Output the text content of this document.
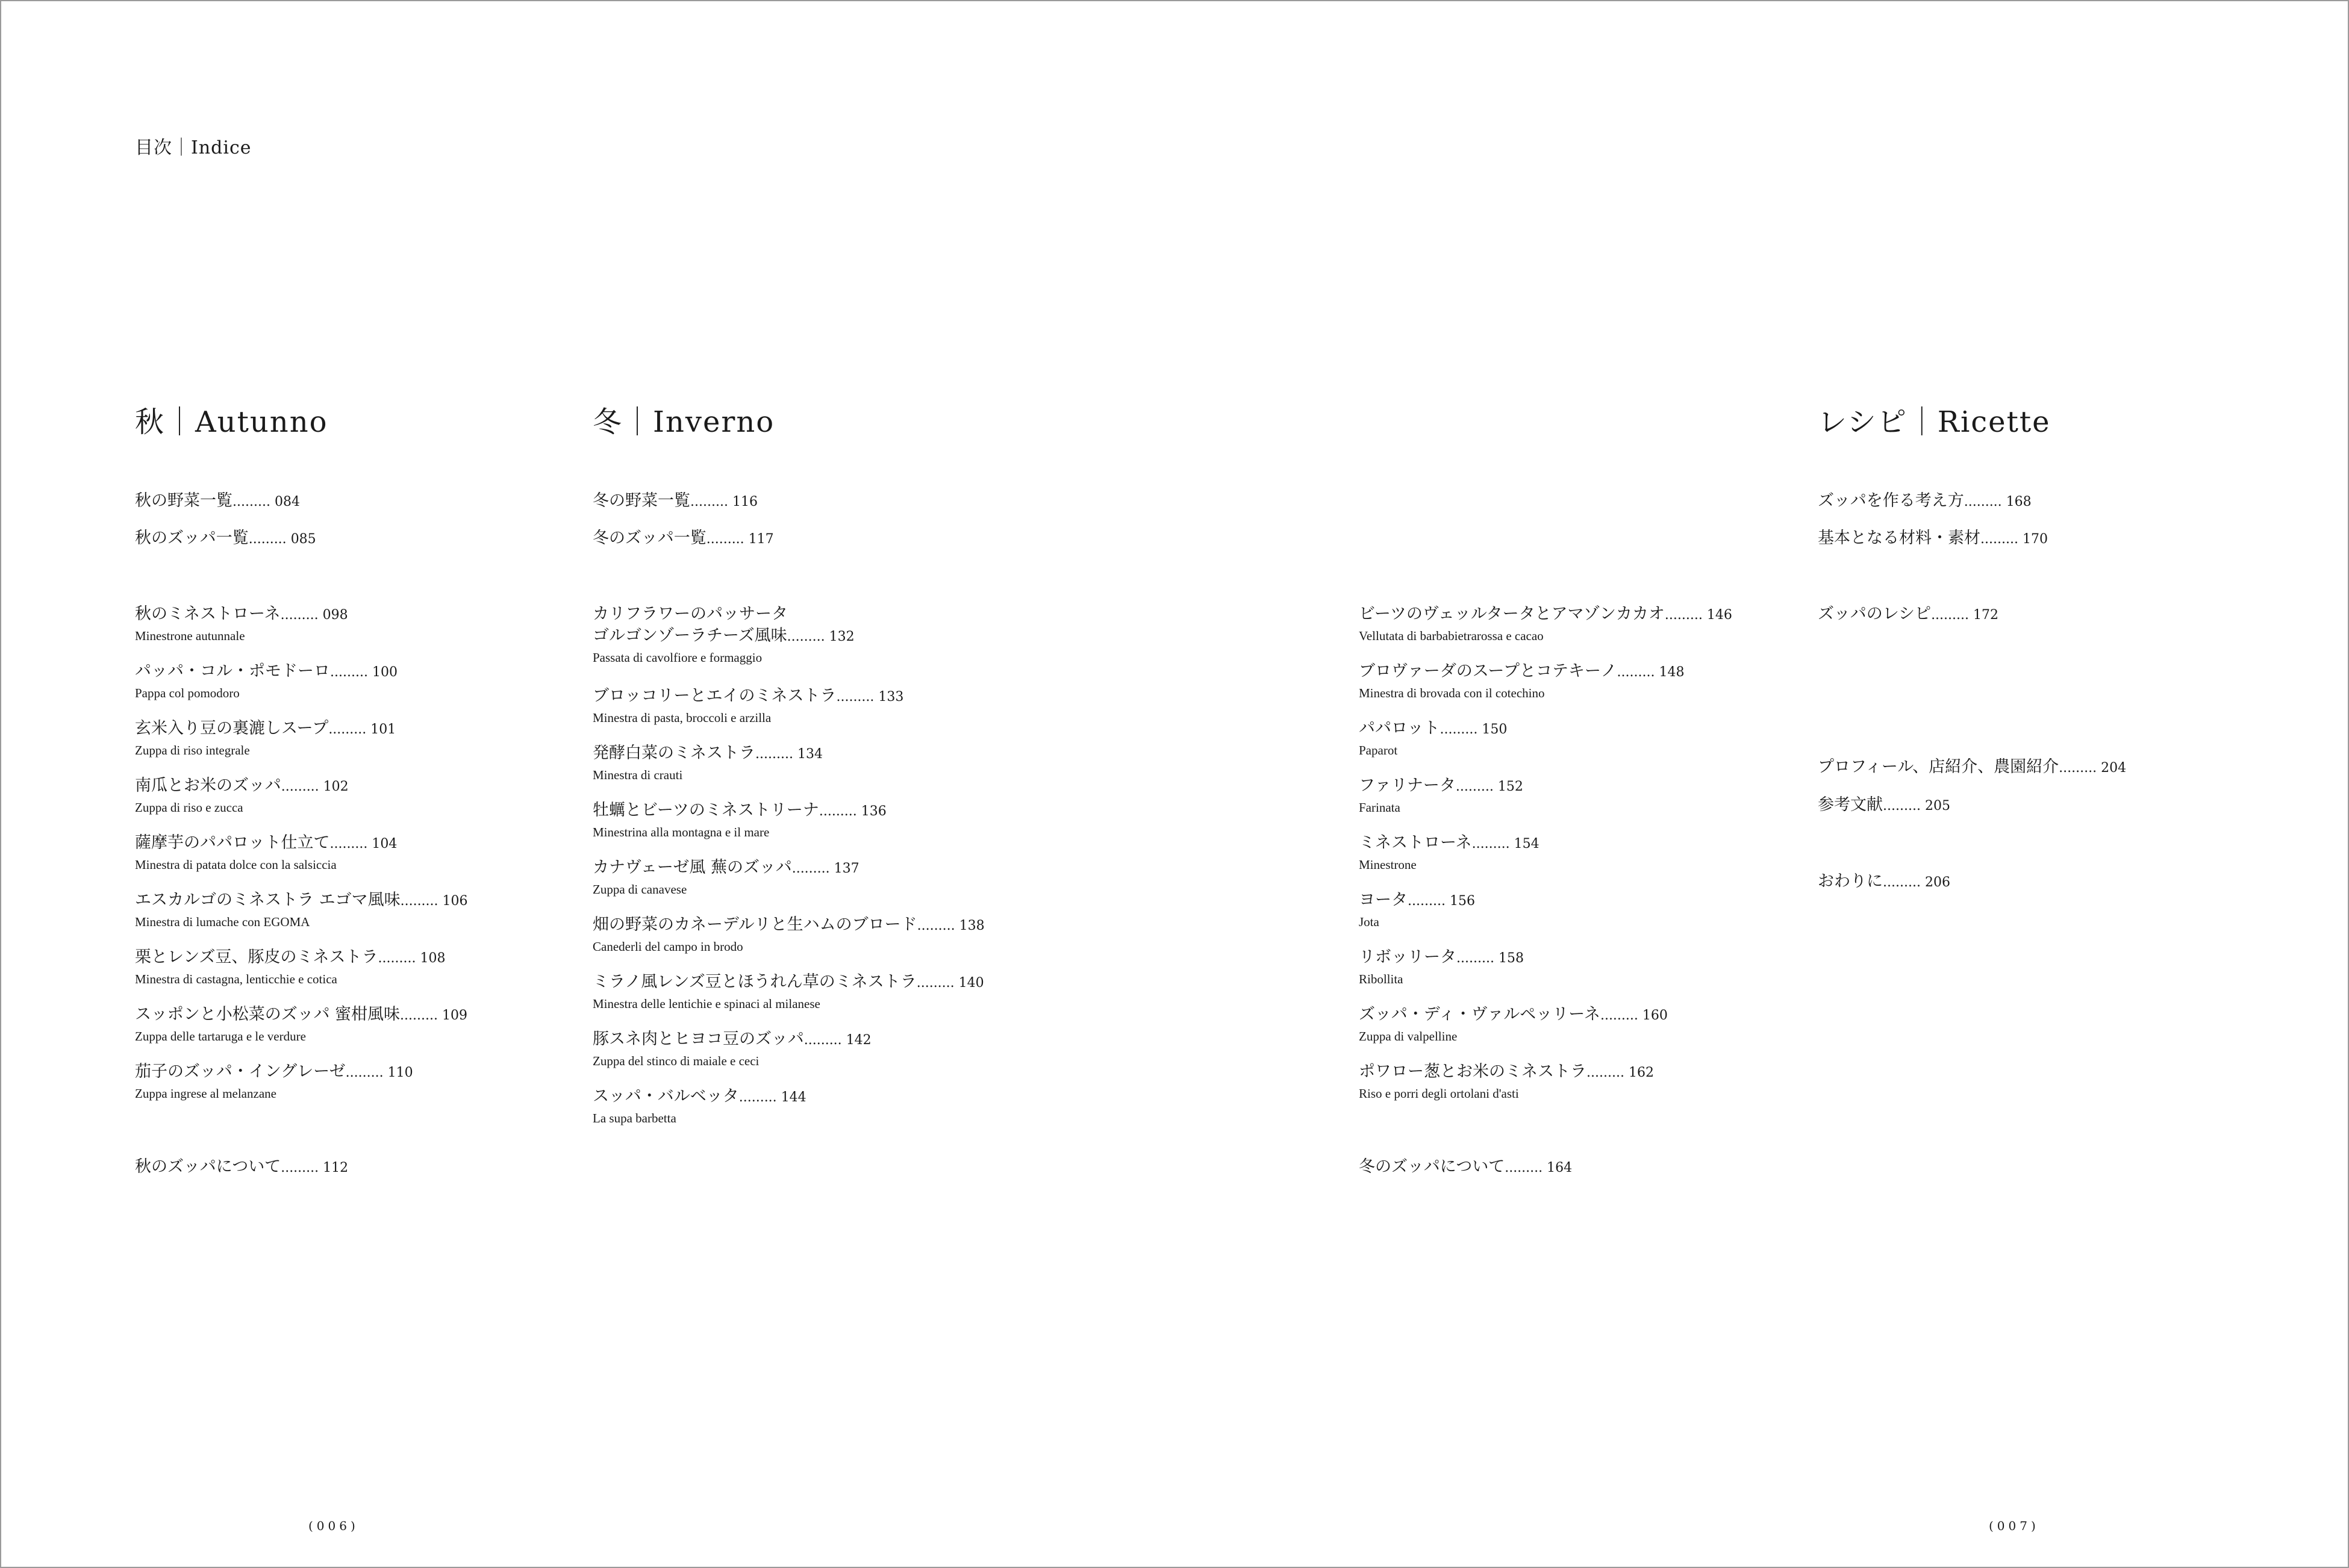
目次｜Indice
秋｜Autunno
秋の野菜一覧......... 084
秋のズッパ一覧......... 085
秋のミネストローネ......... 098
Minestrone autunnale
パッパ・コル・ポモドーロ......... 100
Pappa col pomodoro
玄米入り豆の裏漉しスープ......... 101
Zuppa di riso integrale
南瓜とお米のズッパ......... 102
Zuppa di riso e zucca
薩摩芋のパパロット仕立て......... 104
Minestra di patata dolce con la salsiccia
エスカルゴのミネストラ エゴマ風味......... 106
Minestra di lumache con EGOMA
栗とレンズ豆、豚皮のミネストラ......... 108
Minestra di castagna, lenticchie e cotica
スッポンと小松菜のズッパ 蜜柑風味......... 109
Zuppa delle tartaruga e le verdure
茄子のズッパ・イングレーゼ......... 110
Zuppa ingrese al melanzane
秋のズッパについて......... 112
冬｜Inverno
冬の野菜一覧......... 116
冬のズッパ一覧......... 117
カリフラワーのパッサータ
ゴルゴンゾーラチーズ風味......... 132
Passata di cavolfiore e formaggio
ブロッコリーとエイのミネストラ......... 133
Minestra di pasta, broccoli e arzilla
発酵白菜のミネストラ......... 134
Minestra di crauti
牡蠣とビーツのミネストリーナ......... 136
Minestrina alla montagna e il mare
カナヴェーゼ風 蕪のズッパ......... 137
Zuppa di canavese
畑の野菜のカネーデルリと生ハムのブロード......... 138
Canederli del campo in brodo
ミラノ風レンズ豆とほうれん草のミネストラ......... 140
Minestra delle lentichie e spinaci al milanese
豚スネ肉とヒヨコ豆のズッパ......... 142
Zuppa del stinco di maiale e ceci
スッパ・バルベッタ......... 144
La supa barbetta
ビーツのヴェッルタータとアマゾンカカオ......... 146
Vellutata di barbabietrarossa e cacao
ブロヴァーダのスープとコテキーノ......... 148
Minestra di brovada con il cotechino
パパロット......... 150
Paparot
ファリナータ......... 152
Farinata
ミネストローネ......... 154
Minestrone
ヨータ......... 156
Jota
リボッリータ......... 158
Ribollita
ズッパ・ディ・ヴァルペッリーネ......... 160
Zuppa di valpelline
ポワロー葱とお米のミネストラ......... 162
Riso e porri degli ortolani d'asti
冬のズッパについて......... 164
レシピ｜Ricette
ズッパを作る考え方......... 168
基本となる材料・素材......... 170
ズッパのレシピ......... 172
プロフィール、店紹介、農園紹介......... 204
参考文献......... 205
おわりに......... 206
(006)	(007)
